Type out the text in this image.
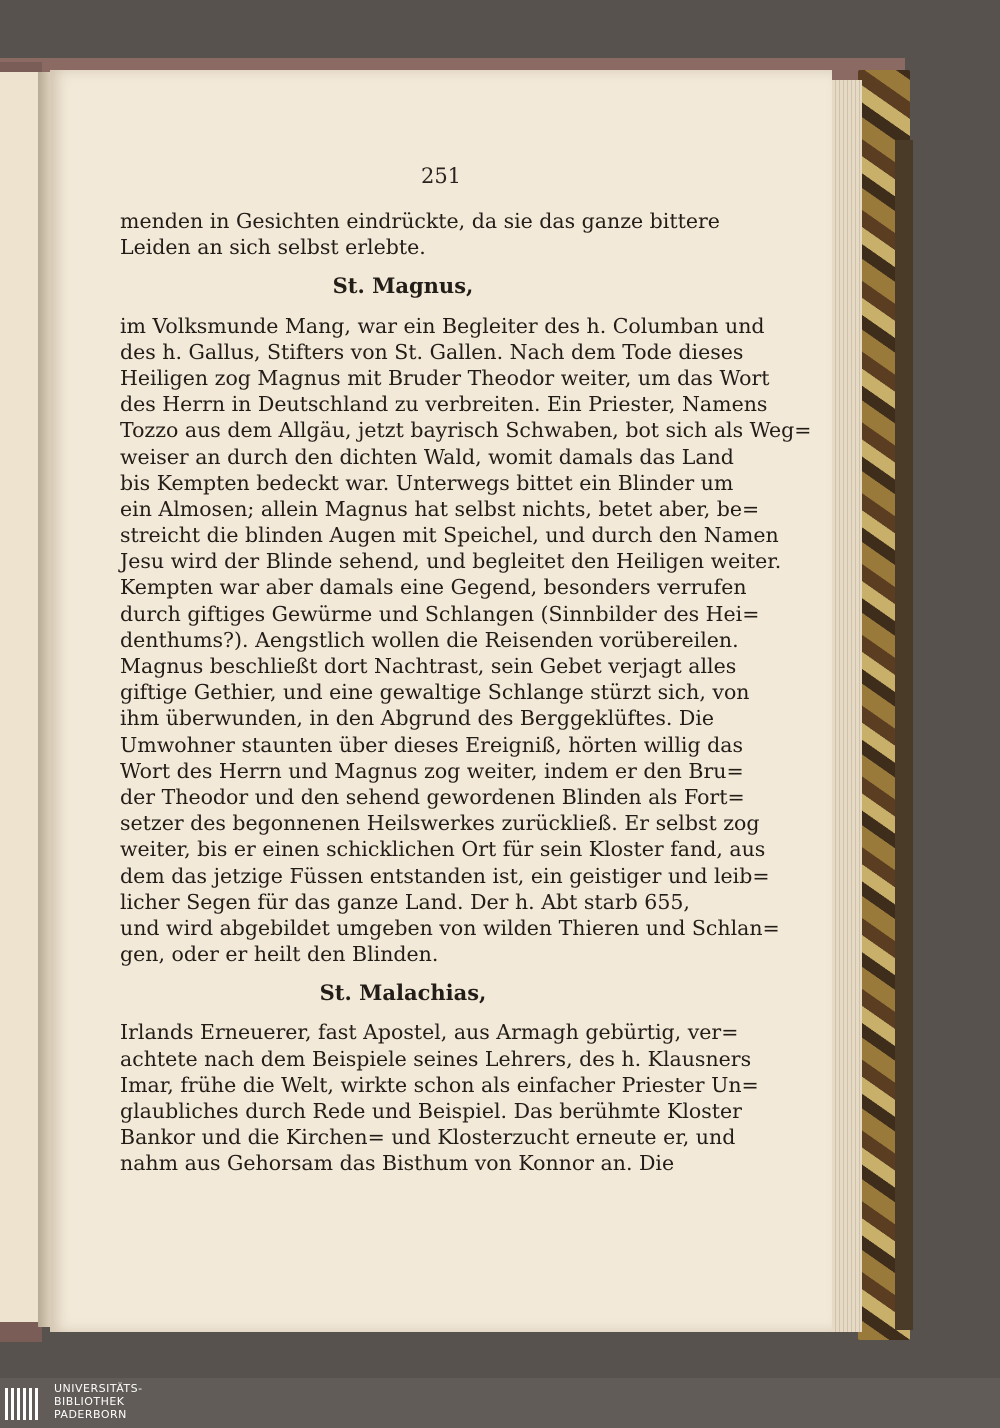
251
menden in Gesichten eindrückte, da sie das ganze bittere
Leiden an sich selbst erlebte.
St. Magnus,
im Volksmunde Mang, war ein Begleiter des h. Columban und
des h. Gallus, Stifters von St. Gallen. Nach dem Tode dieses
Heiligen zog Magnus mit Bruder Theodor weiter, um das Wort
des Herrn in Deutschland zu verbreiten. Ein Priester, Namens
Tozzo aus dem Allgäu, jetzt bayrisch Schwaben, bot sich als Weg=
weiser an durch den dichten Wald, womit damals das Land
bis Kempten bedeckt war. Unterwegs bittet ein Blinder um
ein Almosen; allein Magnus hat selbst nichts, betet aber, be=
streicht die blinden Augen mit Speichel, und durch den Namen
Jesu wird der Blinde sehend, und begleitet den Heiligen weiter.
Kempten war aber damals eine Gegend, besonders verrufen
durch giftiges Gewürme und Schlangen (Sinnbilder des Hei=
denthums?). Aengstlich wollen die Reisenden vorübereilen.
Magnus beschließt dort Nachtrast, sein Gebet verjagt alles
giftige Gethier, und eine gewaltige Schlange stürzt sich, von
ihm überwunden, in den Abgrund des Berggeklüftes. Die
Umwohner staunten über dieses Ereigniß, hörten willig das
Wort des Herrn und Magnus zog weiter, indem er den Bru=
der Theodor und den sehend gewordenen Blinden als Fort=
setzer des begonnenen Heilswerkes zurückließ. Er selbst zog
weiter, bis er einen schicklichen Ort für sein Kloster fand, aus
dem das jetzige Füssen entstanden ist, ein geistiger und leib=
licher Segen für das ganze Land. Der h. Abt starb 655,
und wird abgebildet umgeben von wilden Thieren und Schlan=
gen, oder er heilt den Blinden.
St. Malachias,
Irlands Erneuerer, fast Apostel, aus Armagh gebürtig, ver=
achtete nach dem Beispiele seines Lehrers, des h. Klausners
Imar, frühe die Welt, wirkte schon als einfacher Priester Un=
glaubliches durch Rede und Beispiel. Das berühmte Kloster
Bankor und die Kirchen= und Klosterzucht erneute er, und
nahm aus Gehorsam das Bisthum von Konnor an. Die
UNIVERSITÄTS-
BIBLIOTHEK
PADERBORN
